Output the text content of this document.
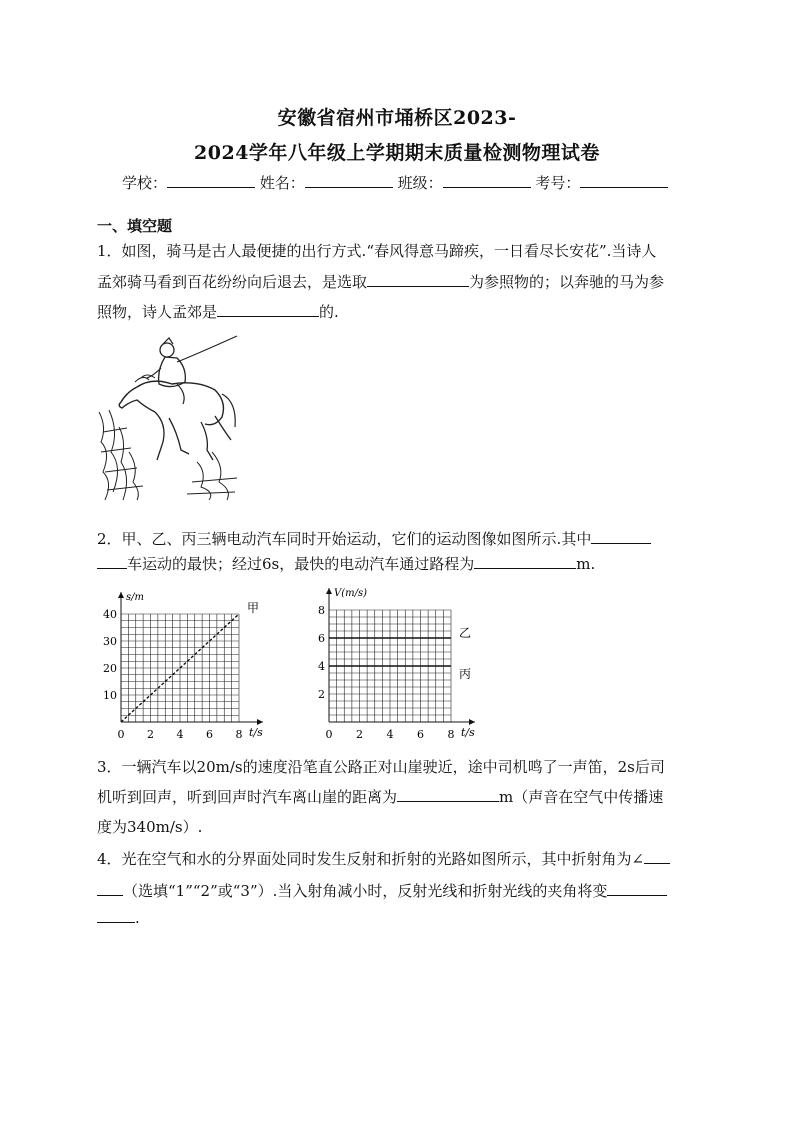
安徽省宿州市埇桥区2023-
2024学年八年级上学期期末质量检测物理试卷
学校：	姓名：	班级：	考号：
一、填空题
1．如图，骑马是古人最便捷的出行方式.“春风得意马蹄疾，一日看尽长安花”.当诗人
孟郊骑马看到百花纷纷向后退去，是选取	为参照物的；以奔驰的马为参
照物，诗人孟郊是	的.
2．甲、乙、丙三辆电动汽车同时开始运动，它们的运动图像如图所示.其中
车运动的最快；经过6s，最快的电动汽车通过路程为	m.
s/m
t/s
0 2 4 6 8
10
20
30
40	甲
V(m/s)
t/s
0 2 4 6 8
2
4
6
8
乙
丙
3．一辆汽车以20m/s的速度沿笔直公路正对山崖驶近，途中司机鸣了一声笛，2s后司
机听到回声，听到回声时汽车离山崖的距离为	m（声音在空气中传播速
度为340m/s）.
4．光在空气和水的分界面处同时发生反射和折射的光路如图所示，其中折射角为∠
（选填“1”“2”或“3”）.当入射角减小时，反射光线和折射光线的夹角将变
.
